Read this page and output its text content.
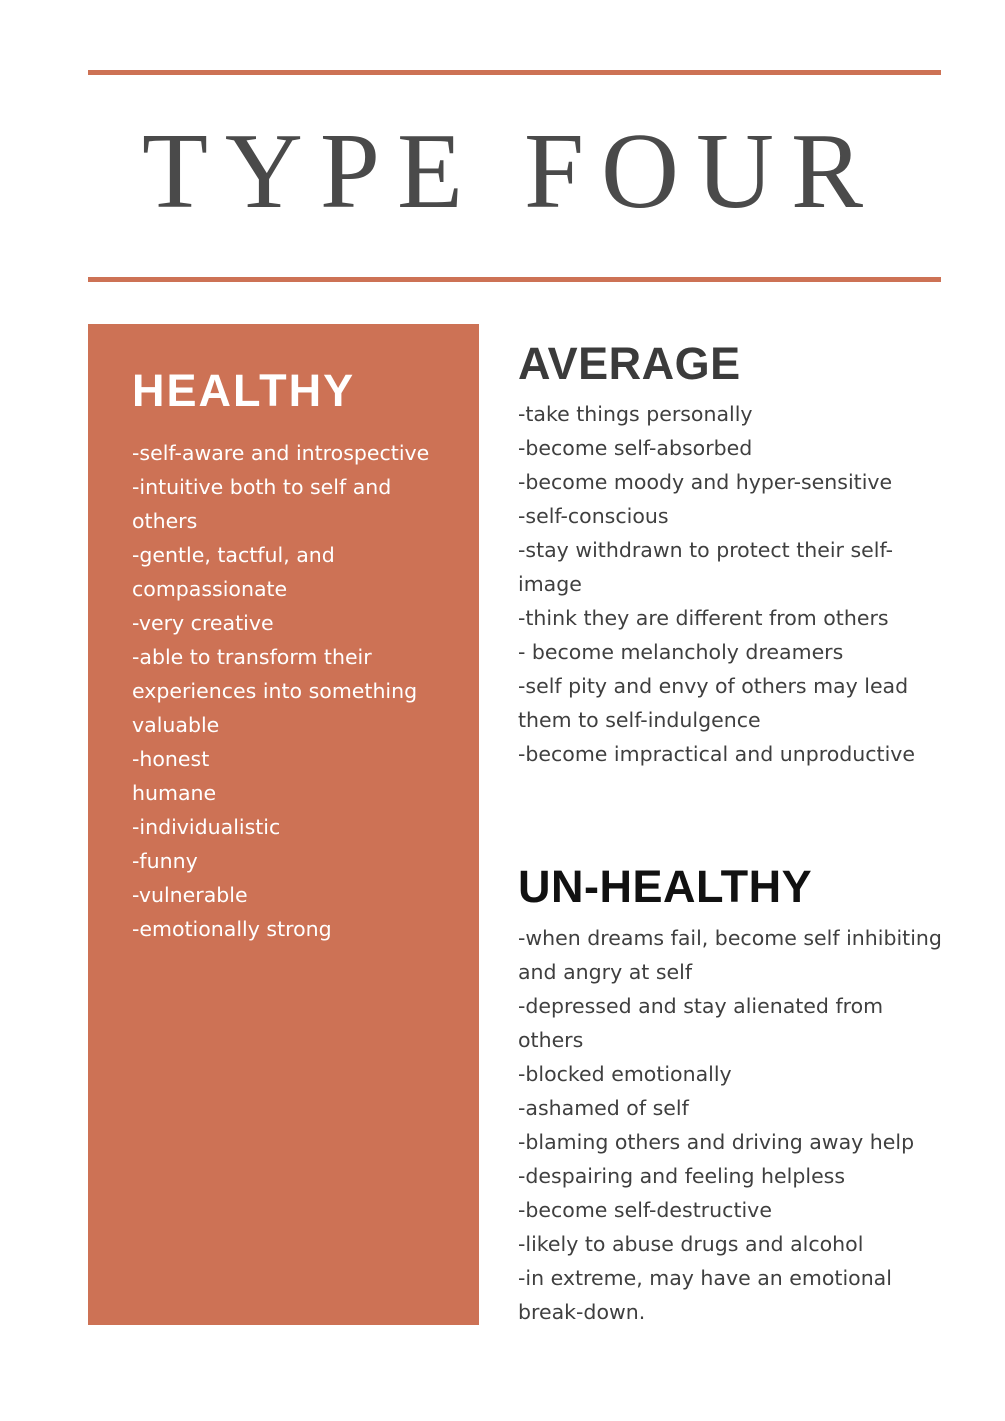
TYPE FOUR
HEALTHY
-self-aware and introspective
-intuitive both to self and others
-gentle, tactful, and compassionate
-very creative
-able to transform their experiences into something valuable
-honest
humane
-individualistic
-funny
-vulnerable
-emotionally strong
AVERAGE
-take things personally
-become self-absorbed
-become moody and hyper-sensitive
-self-conscious
-stay withdrawn to protect their self-image
-think they are different from others
- become melancholy dreamers
-self pity and envy of others may lead them to self-indulgence
-become impractical and unproductive
UN-HEALTHY
-when dreams fail, become self inhibiting and angry at self
-depressed and stay alienated from others
-blocked emotionally
-ashamed of self
-blaming others and driving away help
-despairing and feeling helpless
-become self-destructive
-likely to abuse drugs and alcohol
-in extreme, may have an emotional break-down.
